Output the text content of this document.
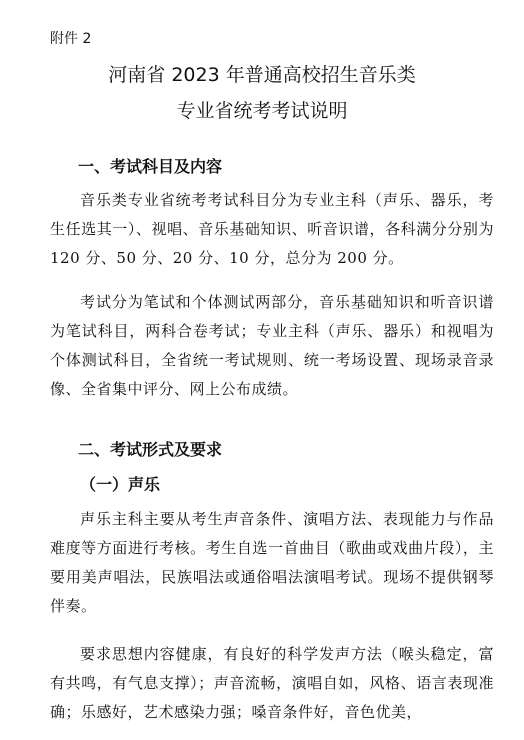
附件 2
河南省 2023 年普通高校招生音乐类
专业省统考考试说明
一、考试科目及内容

音乐类专业省统考考试科目分为专业主科（声乐、器乐，考生任选其一）、视唱、音乐基础知识、听音识谱，各科满分分别为 120 分、50 分、20 分、10 分，总分为 200 分。

考试分为笔试和个体测试两部分，音乐基础知识和听音识谱为笔试科目，两科合卷考试；专业主科（声乐、器乐）和视唱为个体测试科目，全省统一考试规则、统一考场设置、现场录音录像、全省集中评分、网上公布成绩。

二、考试形式及要求
（一）声乐

声乐主科主要从考生声音条件、演唱方法、表现能力与作品难度等方面进行考核。考生自选一首曲目（歌曲或戏曲片段），主要用美声唱法，民族唱法或通俗唱法演唱考试。现场不提供钢琴伴奏。

要求思想内容健康，有良好的科学发声方法（喉头稳定，富有共鸣，有气息支撑）；声音流畅，演唱自如，风格、语言表现准确；乐感好，艺术感染力强；嗓音条件好，音色优美，
